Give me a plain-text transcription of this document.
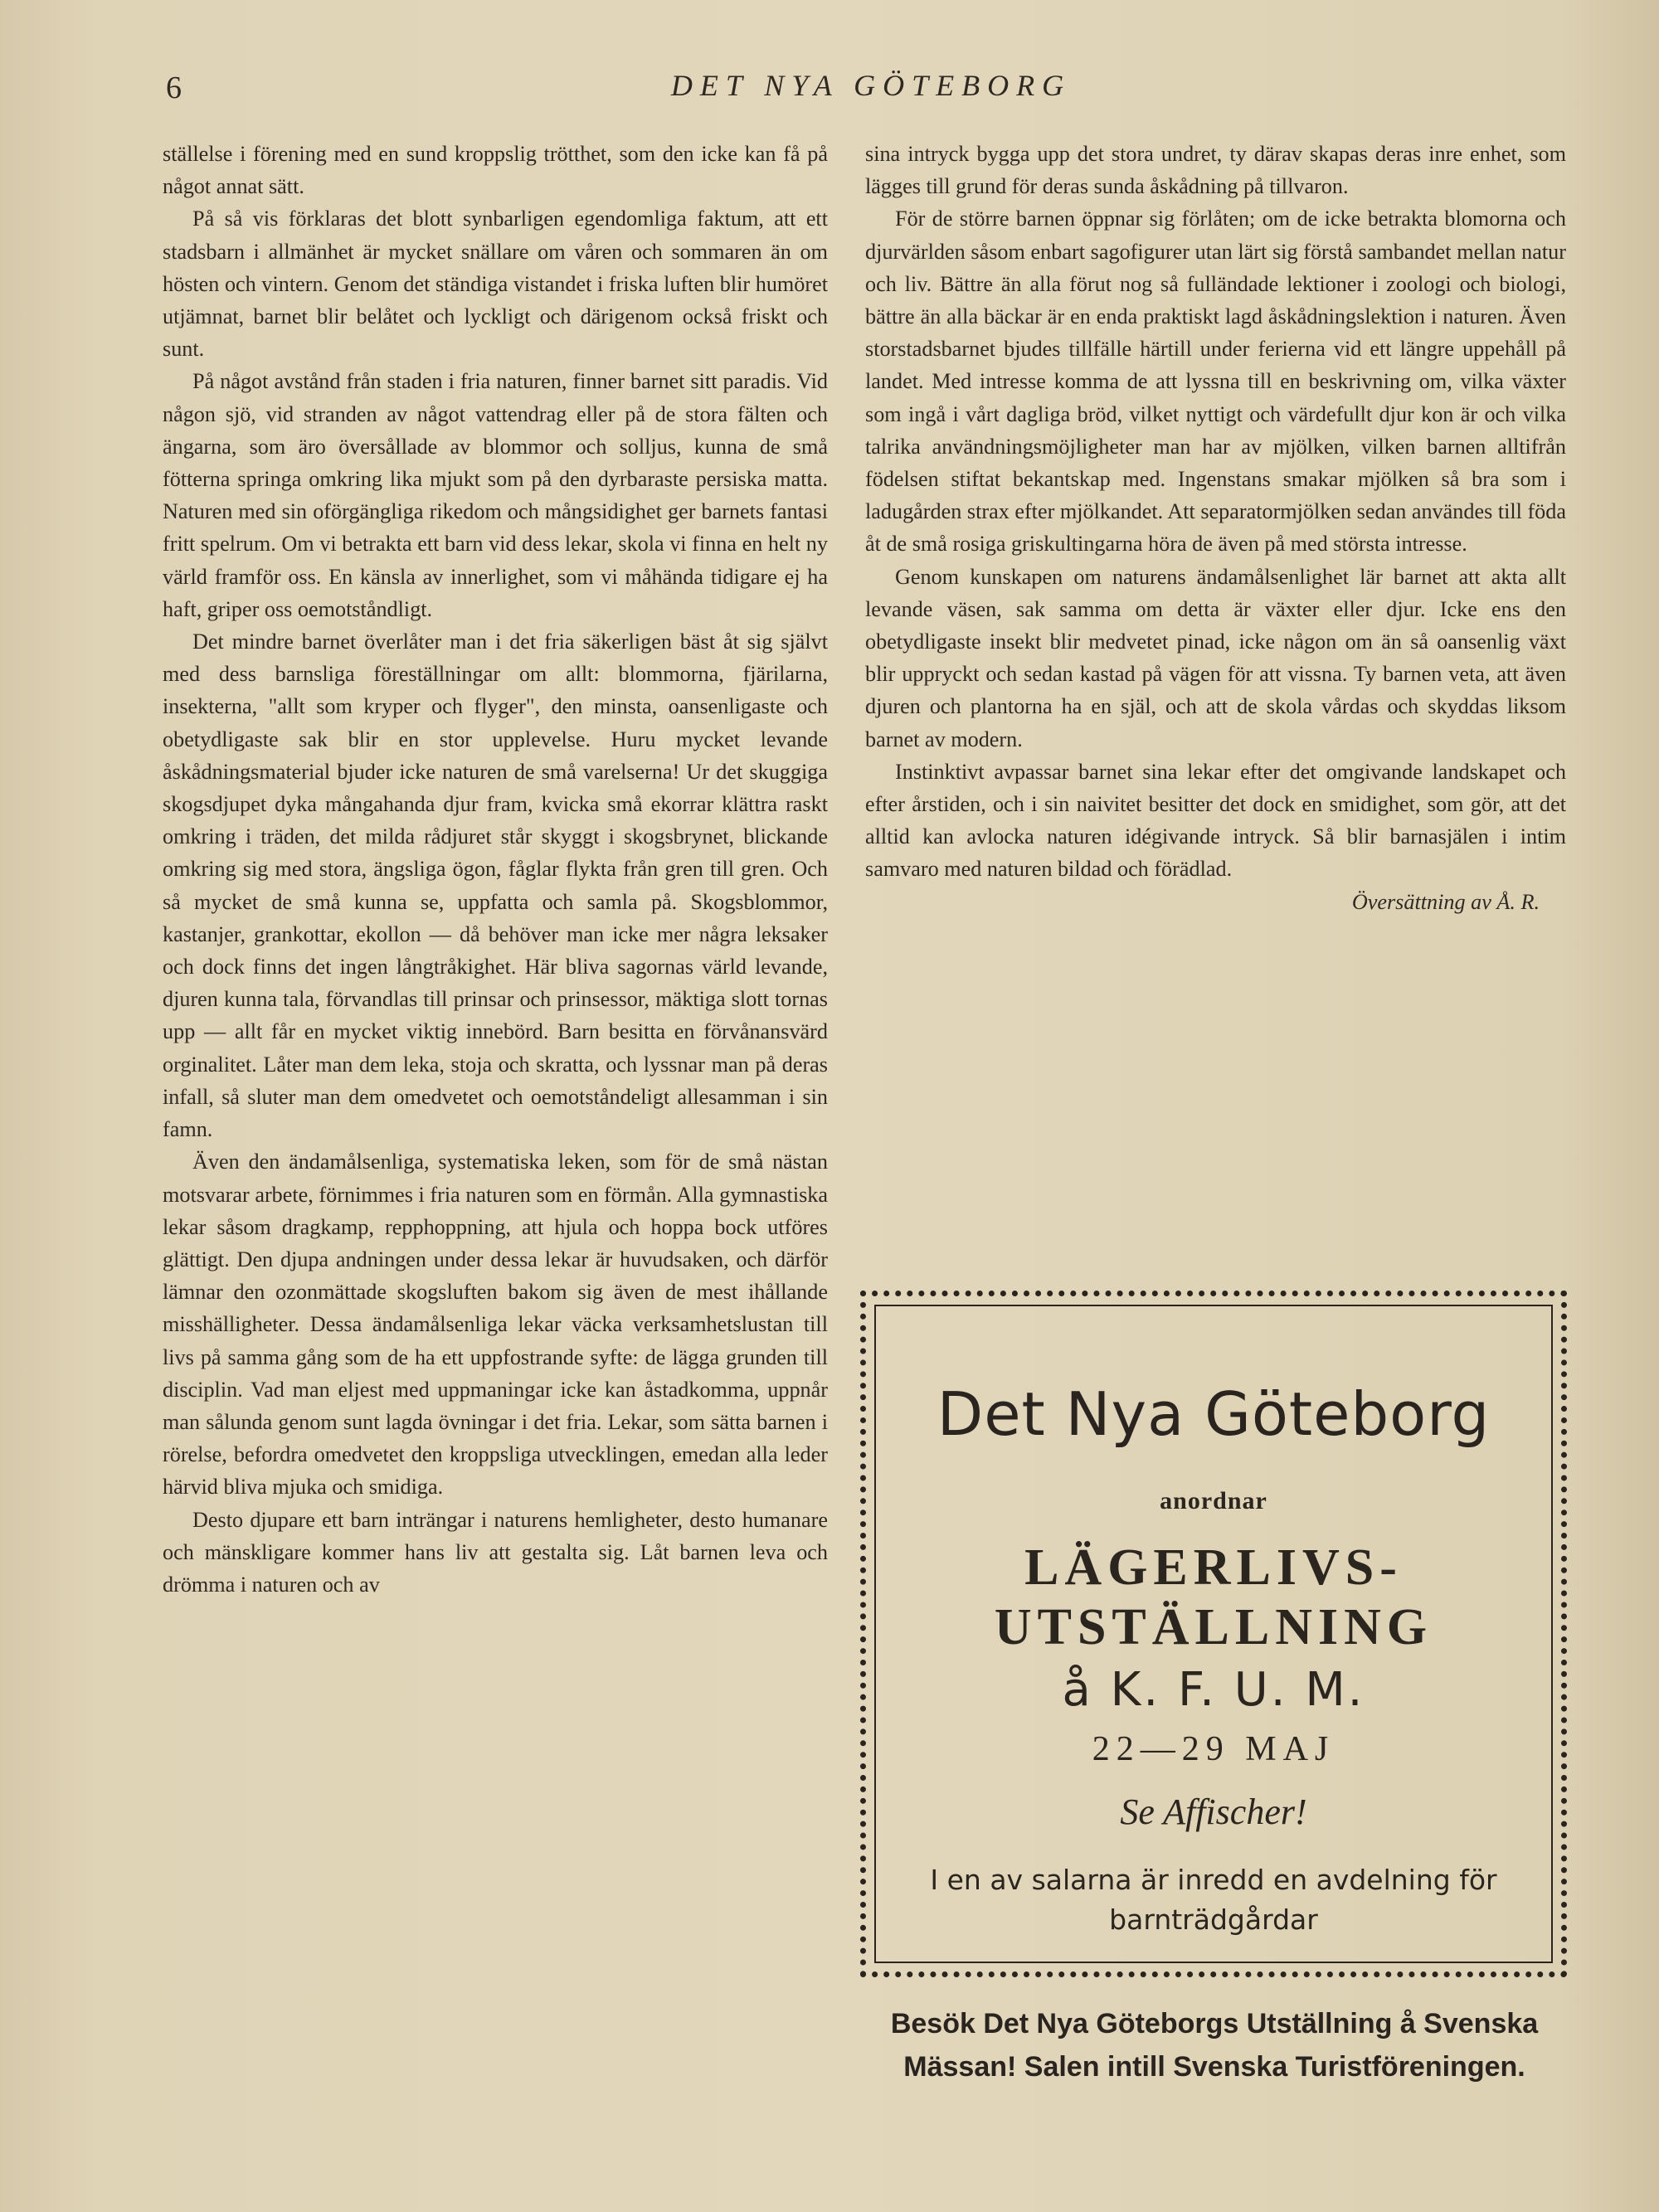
6	DET NYA GÖTEBORG

ställelse i förening med en sund kroppslig trötthet, som den icke kan få på något annat sätt.

På så vis förklaras det blott synbarligen egendomliga faktum, att ett stadsbarn i allmänhet är mycket snällare om våren och sommaren än om hösten och vintern. Genom det ständiga vistandet i friska luften blir humöret utjämnat, barnet blir belåtet och lyckligt och därigenom också friskt och sunt.

På något avstånd från staden i fria naturen, finner barnet sitt paradis. Vid någon sjö, vid stranden av något vattendrag eller på de stora fälten och ängarna, som äro översållade av blommor och solljus, kunna de små fötterna springa omkring lika mjukt som på den dyrbaraste persiska matta. Naturen med sin oförgängliga rikedom och mångsidighet ger barnets fantasi fritt spelrum. Om vi betrakta ett barn vid dess lekar, skola vi finna en helt ny värld framför oss. En känsla av innerlighet, som vi måhända tidigare ej ha haft, griper oss oemotståndligt.

Det mindre barnet överlåter man i det fria säkerligen bäst åt sig självt med dess barnsliga föreställningar om allt: blommorna, fjärilarna, insekterna, "allt som kryper och flyger", den minsta, oansenligaste och obetydligaste sak blir en stor upplevelse. Huru mycket levande åskådningsmaterial bjuder icke naturen de små varelserna! Ur det skuggiga skogsdjupet dyka mångahanda djur fram, kvicka små ekorrar klättra raskt omkring i träden, det milda rådjuret står skyggt i skogsbrynet, blickande omkring sig med stora, ängsliga ögon, fåglar flykta från gren till gren. Och så mycket de små kunna se, uppfatta och samla på. Skogsblommor, kastanjer, grankottar, ekollon — då behöver man icke mer några leksaker och dock finns det ingen långtråkighet. Här bliva sagornas värld levande, djuren kunna tala, förvandlas till prinsar och prinsessor, mäktiga slott tornas upp — allt får en mycket viktig innebörd. Barn besitta en förvånansvärd orginalitet. Låter man dem leka, stoja och skratta, och lyssnar man på deras infall, så sluter man dem omedvetet och oemotståndeligt allesamman i sin famn.

Även den ändamålsenliga, systematiska leken, som för de små nästan motsvarar arbete, förnimmes i fria naturen som en förmån. Alla gymnastiska lekar såsom dragkamp, repphoppning, att hjula och hoppa bock utföres glättigt. Den djupa andningen under dessa lekar är huvudsaken, och därför lämnar den ozonmättade skogsluften bakom sig även de mest ihållande misshälligheter. Dessa ändamålsenliga lekar väcka verksamhetslustan till livs på samma gång som de ha ett uppfostrande syfte: de lägga grunden till disciplin. Vad man eljest med uppmaningar icke kan åstadkomma, uppnår man sålunda genom sunt lagda övningar i det fria. Lekar, som sätta barnen i rörelse, befordra omedvetet den kroppsliga utvecklingen, emedan alla leder härvid bliva mjuka och smidiga.

Desto djupare ett barn inträngar i naturens hemligheter, desto humanare och mänskligare kommer hans liv att gestalta sig. Låt barnen leva och drömma i naturen och av

sina intryck bygga upp det stora undret, ty därav skapas deras inre enhet, som lägges till grund för deras sunda åskådning på tillvaron.

För de större barnen öppnar sig förlåten; om de icke betrakta blomorna och djurvärlden såsom enbart sagofigurer utan lärt sig förstå sambandet mellan natur och liv. Bättre än alla förut nog så fulländade lektioner i zoologi och biologi, bättre än alla bäckar är en enda praktiskt lagd åskådningslektion i naturen. Även storstadsbarnet bjudes tillfälle härtill under ferierna vid ett längre uppehåll på landet. Med intresse komma de att lyssna till en beskrivning om, vilka växter som ingå i vårt dagliga bröd, vilket nyttigt och värdefullt djur kon är och vilka talrika användningsmöjligheter man har av mjölken, vilken barnen alltifrån födelsen stiftat bekantskap med. Ingenstans smakar mjölken så bra som i ladugården strax efter mjölkandet. Att separatormjölken sedan användes till föda åt de små rosiga griskultingarna höra de även på med största intresse.

Genom kunskapen om naturens ändamålsenlighet lär barnet att akta allt levande väsen, sak samma om detta är växter eller djur. Icke ens den obetydligaste insekt blir medvetet pinad, icke någon om än så oansenlig växt blir uppryckt och sedan kastad på vägen för att vissna. Ty barnen veta, att även djuren och plantorna ha en själ, och att de skola vårdas och skyddas liksom barnet av modern.

Instinktivt avpassar barnet sina lekar efter det omgivande landskapet och efter årstiden, och i sin naivitet besitter det dock en smidighet, som gör, att det alltid kan avlocka naturen idégivande intryck. Så blir barnasjälen i intim samvaro med naturen bildad och förädlad.

Översättning av Å. R.

Det Nya Göteborg
anordnar
LÄGERLIVS-
UTSTÄLLNING
å K. F. U. M.
22—29 MAJ
Se Affischer!
I en av salarna är inredd en avdelning för barnträdgårdar
Besök Det Nya Göteborgs Utställning å Svenska Mässan! Salen intill Svenska Turistföreningen.
